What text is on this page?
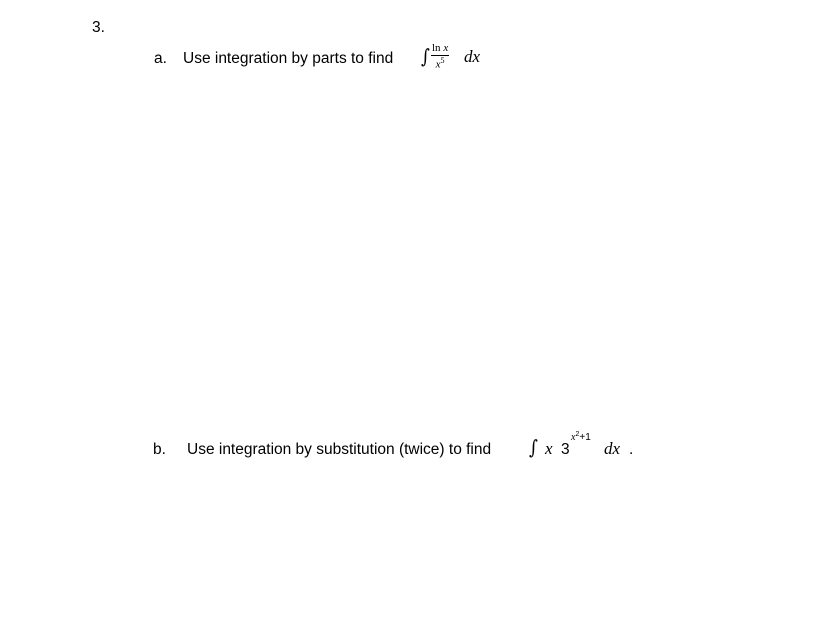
3.
a. Use integration by parts to find ∫ $\frac{\text{ln x}}{x^5}$ dx
b. Use integration by substitution (twice) to find ∫ x 3
$x^2+1$
dx .
